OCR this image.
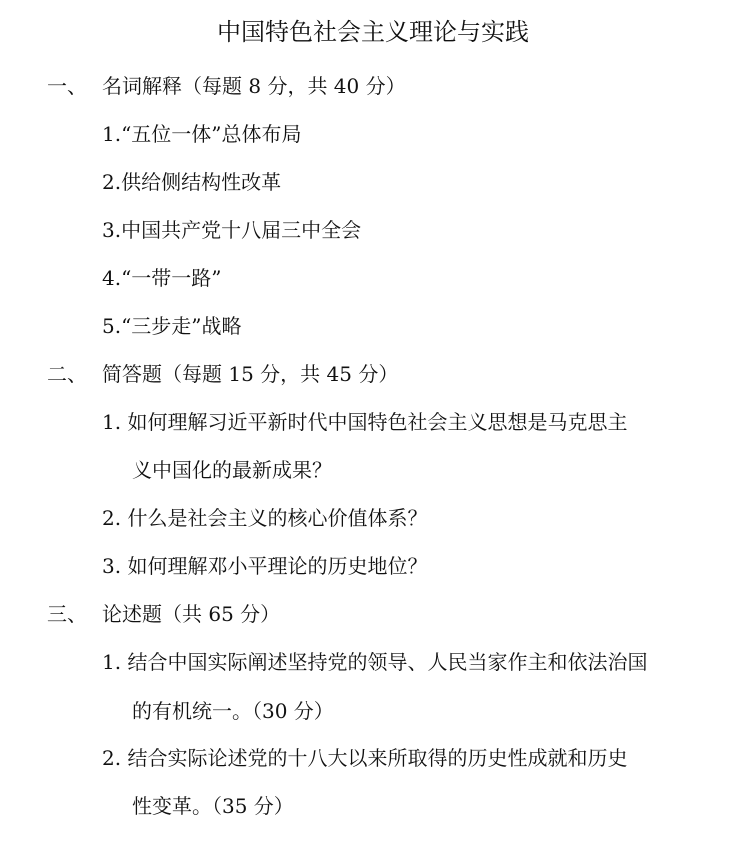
中国特色社会主义理论与实践
一、 名词解释（每题 8 分，共 40 分）
1.“五位一体”总体布局
2.供给侧结构性改革
3.中国共产党十八届三中全会
4.“一带一路”
5.“三步走”战略
二、 简答题（每题 15 分，共 45 分）
1. 如何理解习近平新时代中国特色社会主义思想是马克思主
义中国化的最新成果？
2. 什么是社会主义的核心价值体系？
3. 如何理解邓小平理论的历史地位？
三、 论述题（共 65 分）
1. 结合中国实际阐述坚持党的领导、人民当家作主和依法治国
的有机统一。（30 分）
2. 结合实际论述党的十八大以来所取得的历史性成就和历史
性变革。（35 分）
